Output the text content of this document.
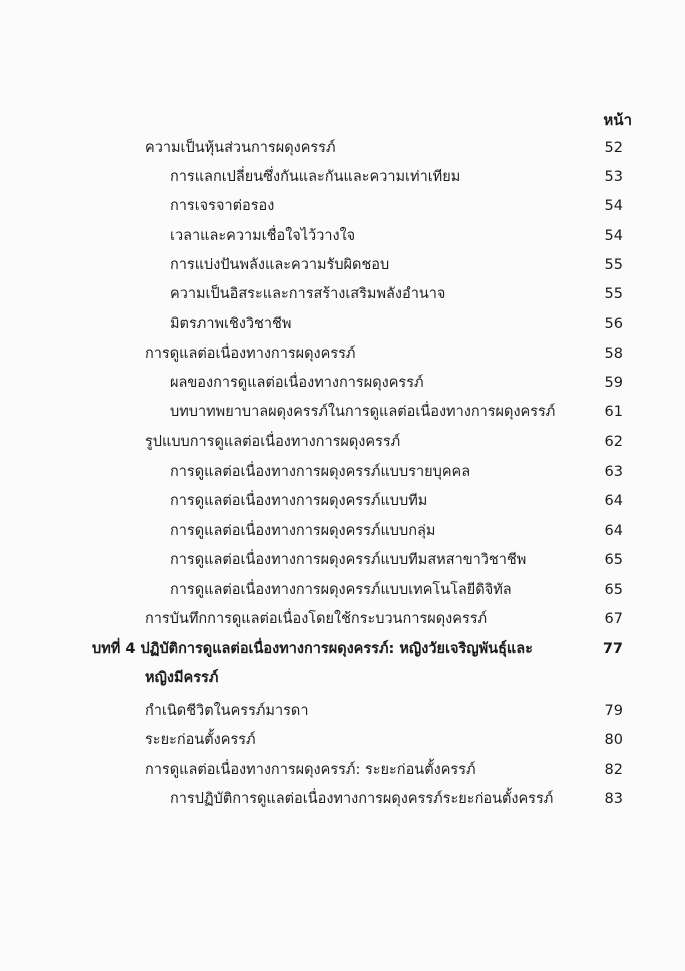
หน้า
ความเป็นหุ้นส่วนการผดุงครรภ์	52
การแลกเปลี่ยนซึ่งกันและกันและความเท่าเทียม	53
การเจรจาต่อรอง	54
เวลาและความเชื่อใจไว้วางใจ	54
การแบ่งปันพลังและความรับผิดชอบ	55
ความเป็นอิสระและการสร้างเสริมพลังอำนาจ	55
มิตรภาพเชิงวิชาชีพ	56
การดูแลต่อเนื่องทางการผดุงครรภ์	58
ผลของการดูแลต่อเนื่องทางการผดุงครรภ์	59
บทบาทพยาบาลผดุงครรภ์ในการดูแลต่อเนื่องทางการผดุงครรภ์	61
รูปแบบการดูแลต่อเนื่องทางการผดุงครรภ์	62
การดูแลต่อเนื่องทางการผดุงครรภ์แบบรายบุคคล	63
การดูแลต่อเนื่องทางการผดุงครรภ์แบบทีม	64
การดูแลต่อเนื่องทางการผดุงครรภ์แบบกลุ่ม	64
การดูแลต่อเนื่องทางการผดุงครรภ์แบบทีมสหสาขาวิชาชีพ	65
การดูแลต่อเนื่องทางการผดุงครรภ์แบบเทคโนโลยีดิจิทัล	65
การบันทึกการดูแลต่อเนื่องโดยใช้กระบวนการผดุงครรภ์	67
บทที่ 4 ปฏิบัติการดูแลต่อเนื่องทางการผดุงครรภ์: หญิงวัยเจริญพันธุ์และ	77
หญิงมีครรภ์
กำเนิดชีวิตในครรภ์มารดา	79
ระยะก่อนตั้งครรภ์	80
การดูแลต่อเนื่องทางการผดุงครรภ์: ระยะก่อนตั้งครรภ์	82
การปฏิบัติการดูแลต่อเนื่องทางการผดุงครรภ์ระยะก่อนตั้งครรภ์	83
